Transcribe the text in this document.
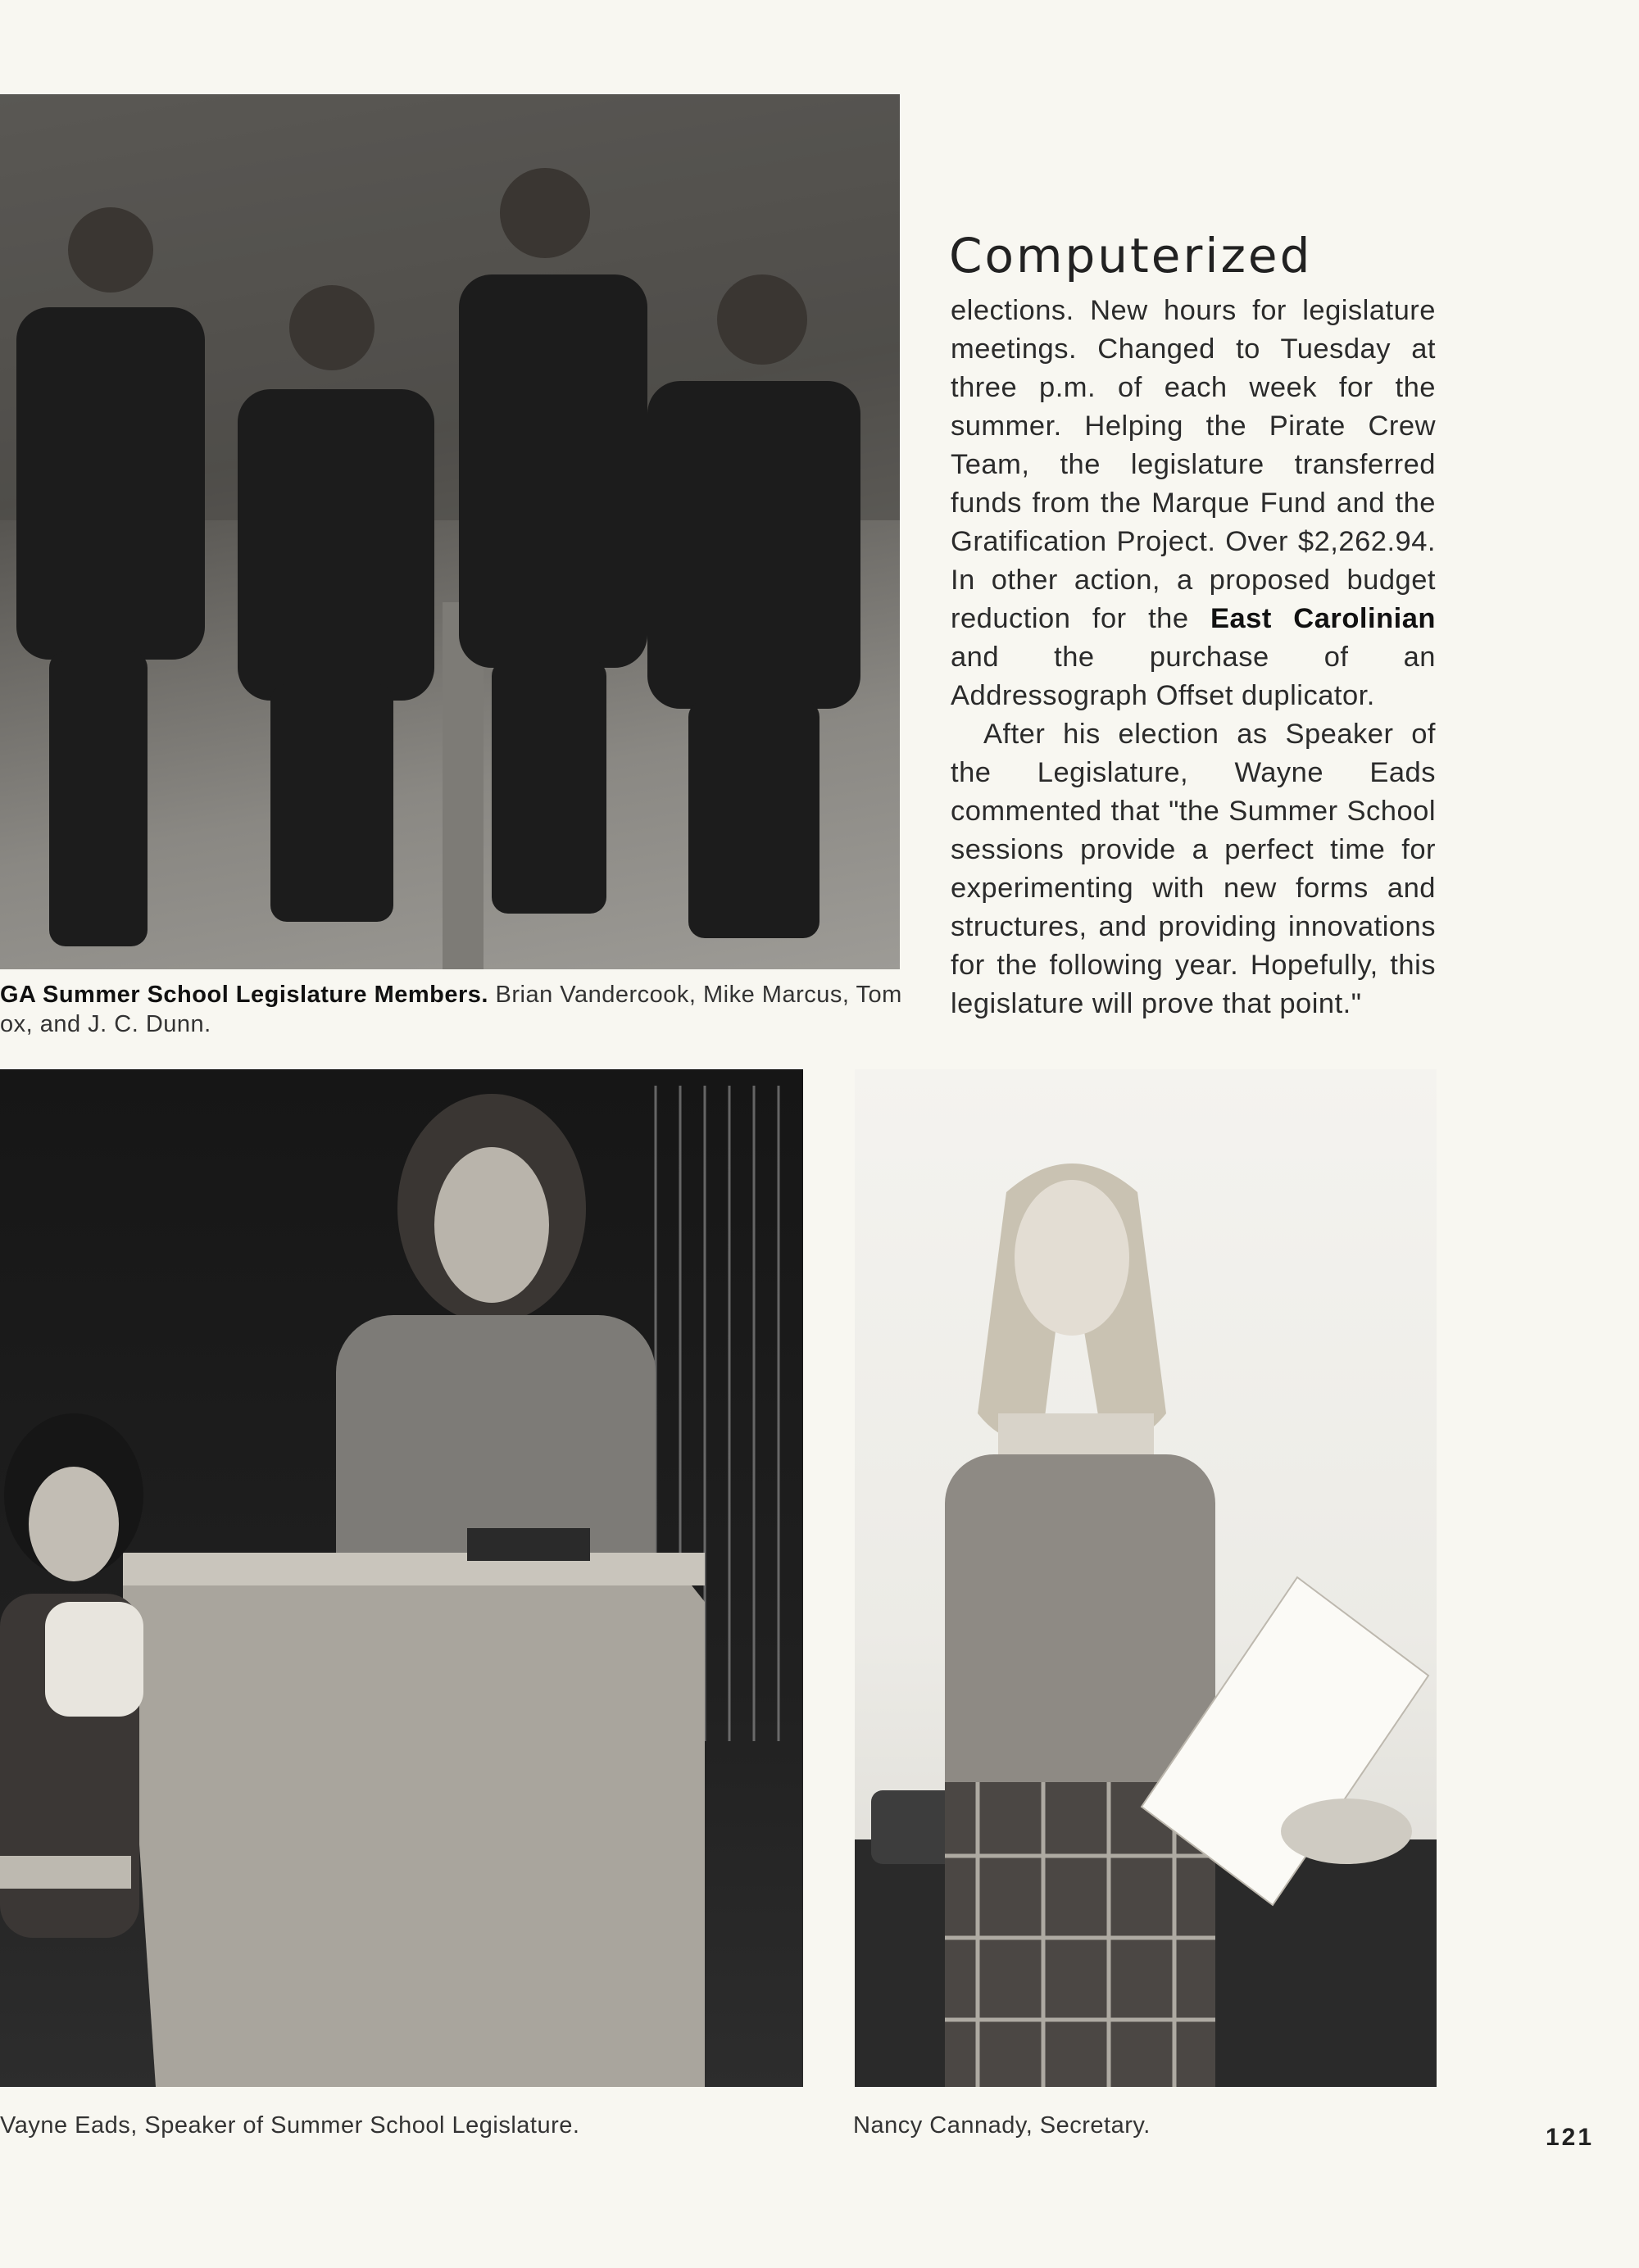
GA Summer School Legislature Members. Brian Vandercook, Mike Marcus, Tom
ox, and J. C. Dunn.
Computerized

elections. New hours for legislature meetings. Changed to Tuesday at three p.m. of each week for the summer. Helping the Pirate Crew Team, the legislature transferred funds from the Marque Fund and the Gratification Project. Over $2,262.94. In other action, a proposed budget reduction for the East Carolinian and the purchase of an Addressograph Offset duplicator.

After his election as Speaker of the Legislature, Wayne Eads commented that "the Summer School sessions provide a perfect time for experimenting with new forms and structures, and providing innovations for the following year. Hopefully, this legislature will prove that point."

Vayne Eads, Speaker of Summer School Legislature.	Nancy Cannady, Secretary.	121
